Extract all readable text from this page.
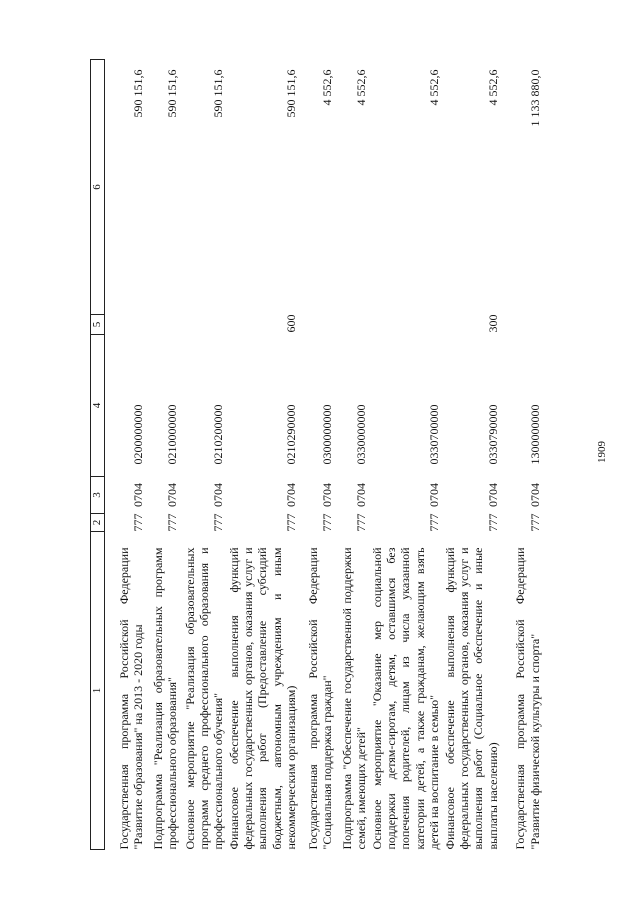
1909
1	2	3	4	5	6
Государственная программа Российской Федерации "Развитие образования" на 2013 - 2020 годы	777	0704	0200000000		590 151,6
Подпрограмма "Реализация образовательных программ профессионального образования"	777	0704	0210000000		590 151,6
Основное мероприятие "Реализация образовательных программ среднего профессионального образования и профессионального обучения"	777	0704	0210200000		590 151,6
Финансовое обеспечение выполнения функций федеральных государственных органов, оказания услуг и выполнения работ (Предоставление субсидий бюджетным, автономным учреждениям и иным некоммерческим организациям)	777	0704	0210290000	600	590 151,6
Государственная программа Российской Федерации "Социальная поддержка граждан"	777	0704	0300000000		4 552,6
Подпрограмма "Обеспечение государственной поддержки семей, имеющих детей"	777	0704	0330000000		4 552,6
Основное мероприятие "Оказание мер социальной поддержки детям-сиротам, детям, оставшимся без попечения родителей, лицам из числа указанной категории детей, а также гражданам, желающим взять детей на воспитание в семью"	777	0704	0330700000		4 552,6
Финансовое обеспечение выполнения функций федеральных государственных органов, оказания услуг и выполнения работ (Социальное обеспечение и иные выплаты населению)	777	0704	0330790000	300	4 552,6
Государственная программа Российской Федерации "Развитие физической культуры и спорта"	777	0704	1300000000		1 133 880,0
